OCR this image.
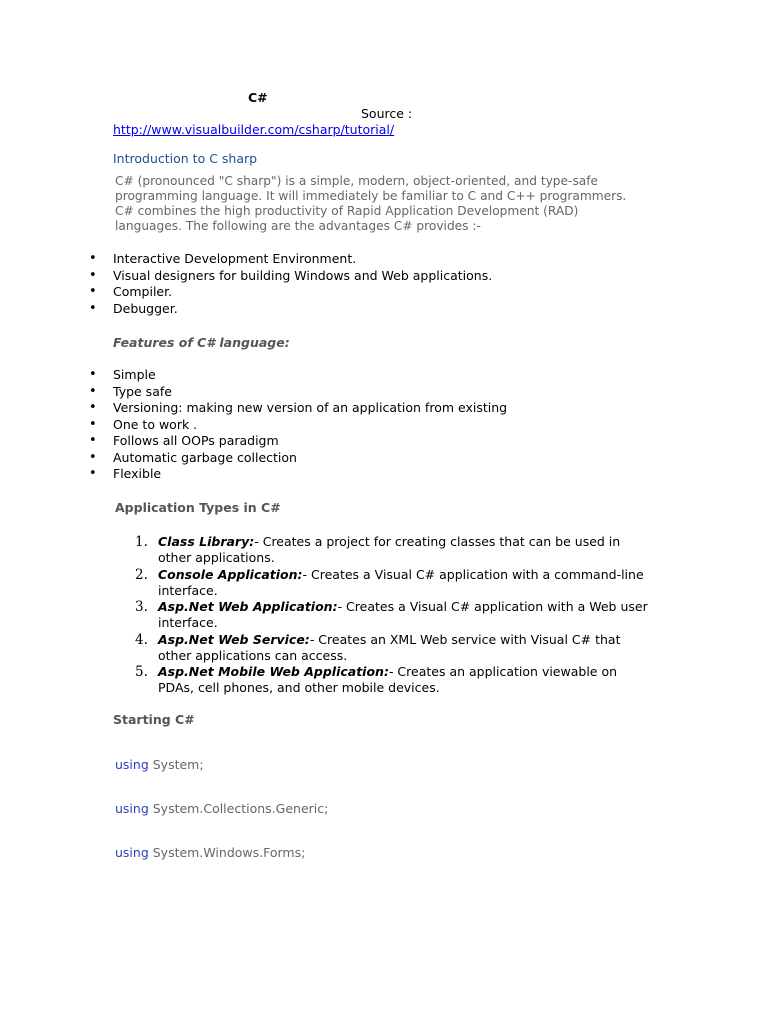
C#
Source :
http://www.visualbuilder.com/csharp/tutorial/
Introduction to C sharp

C# (pronounced "C sharp") is a simple, modern, object-oriented, and type-safe

programming language. It will immediately be familiar to C and C++ programmers.

C# combines the high productivity of Rapid Application Development (RAD)

languages. The following are the advantages C# provides :-

• Interactive Development Environment.
• Visual designers for building Windows and Web applications.
• Compiler.
• Debugger.
Features of C# language:
• Simple
• Type safe
• Versioning: making new version of an application from existing
• One to work .
• Follows all OOPs paradigm
• Automatic garbage collection
• Flexible
Application Types in C#
1. Class Library:- Creates a project for creating classes that can be used in other applications.
2. Console Application:- Creates a Visual C# application with a command-line interface.
3. Asp.Net Web Application:- Creates a Visual C# application with a Web user interface.
4. Asp.Net Web Service:- Creates an XML Web service with Visual C# that other applications can access.
5. Asp.Net Mobile Web Application:- Creates an application viewable on PDAs, cell phones, and other mobile devices.
Starting C#
using System;
using System.Collections.Generic;
using System.Windows.Forms;
